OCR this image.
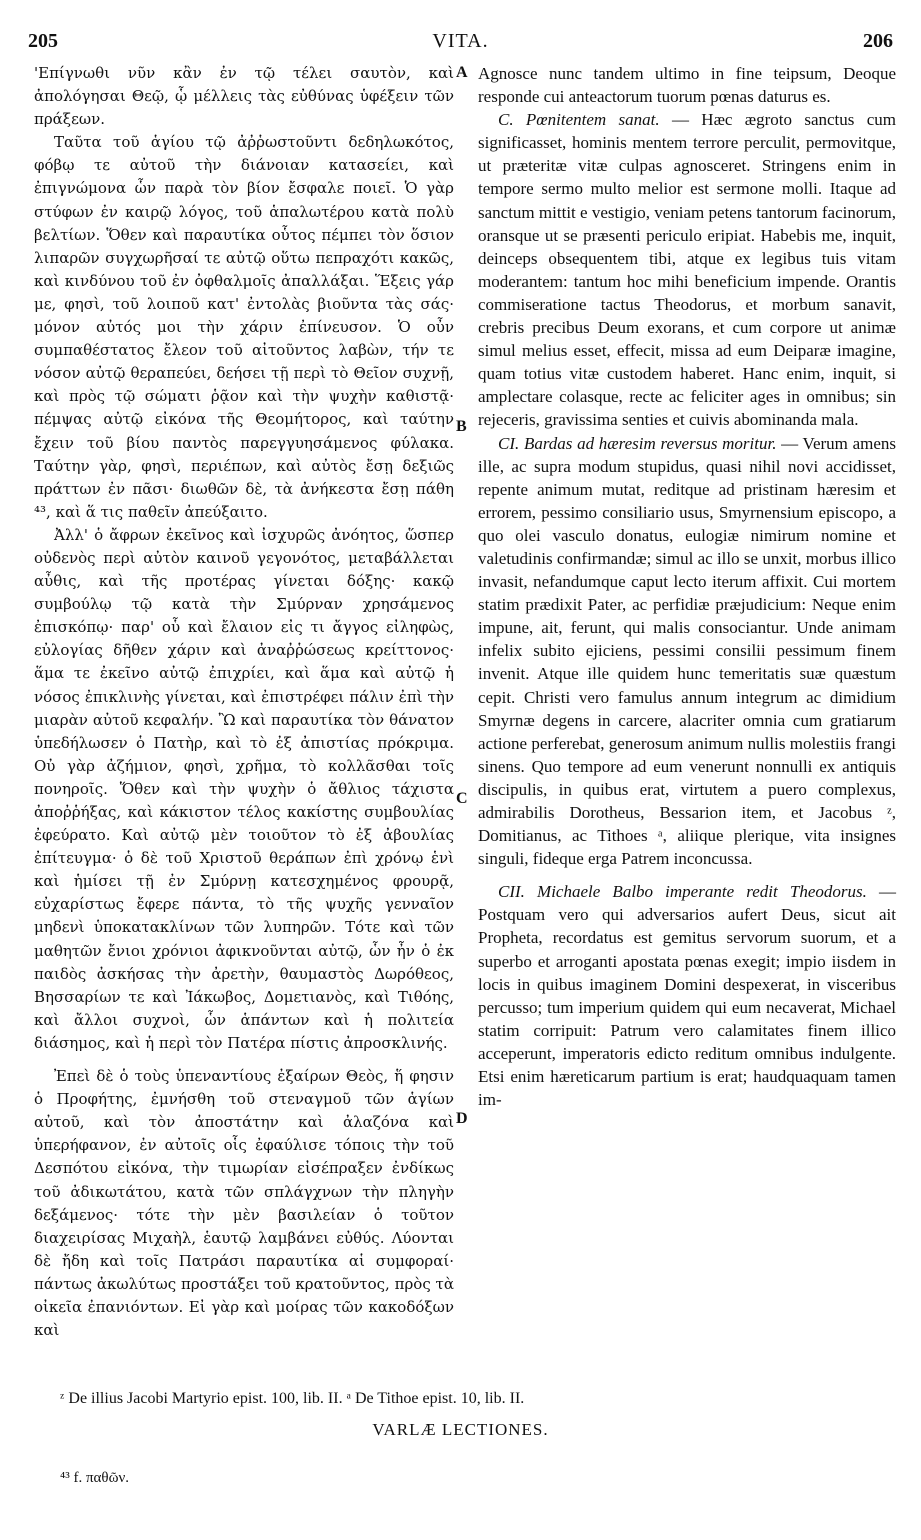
205	VITA.	206

'Επίγνωθι νῦν κἂν ἐν τῷ τέλει σαυτὸν, καὶ ἀπολόγησαι Θεῷ, ᾧ μέλλεις τὰς εὐθύνας ὑφέξειν τῶν πράξεων.

Ταῦτα τοῦ ἁγίου τῷ ἀῤῥωστοῦντι δεδηλωκότος, φόβῳ τε αὐτοῦ τὴν διάνοιαν κατασείει, καὶ ἐπιγνώμονα ὧν παρὰ τὸν βίον ἔσφαλε ποιεῖ. Ὁ γὰρ στύφων ἐν καιρῷ λόγος, τοῦ ἁπαλωτέρου κατὰ πολὺ βελτίων. Ὅθεν καὶ παραυτίκα οὗτος πέμπει τὸν ὅσιον λιπαρῶν συγχωρῆσαί τε αὐτῷ οὕτω πεπραχότι κακῶς, καὶ κινδύνου τοῦ ἐν ὀφθαλμοῖς ἀπαλλάξαι. Ἕξεις γάρ με, φησὶ, τοῦ λοιποῦ κατ' ἐντολὰς βιοῦντα τὰς σάς· μόνον αὐτός μοι τὴν χάριν ἐπίνευσον. Ὁ οὖν συμπαθέστατος ἔλεον τοῦ αἰτοῦντος λαβὼν, τήν τε νόσον αὐτῷ θεραπεύει, δεήσει τῇ περὶ τὸ Θεῖον συχνῇ, καὶ πρὸς τῷ σώματι ῥᾷον καὶ τὴν ψυχὴν καθιστᾷ· πέμψας αὐτῷ εἰκόνα τῆς Θεομήτορος, καὶ ταύτην ἔχειν τοῦ βίου παντὸς παρεγγυησάμενος φύλακα. Ταύτην γὰρ, φησὶ, περιέπων, καὶ αὐτὸς ἔσῃ δεξιῶς πράττων ἐν πᾶσι· διωθῶν δὲ, τὰ ἀνήκεστα ἔσῃ πάθη ⁴³, καὶ ἅ τις παθεῖν ἀπεύξαιτο.

Ἀλλ' ὁ ἄφρων ἐκεῖνος καὶ ἰσχυρῶς ἀνόητος, ὥσπερ οὐδενὸς περὶ αὐτὸν καινοῦ γεγονότος, μεταβάλλεται αὖθις, καὶ τῆς προτέρας γίνεται δόξης· κακῷ συμβούλῳ τῷ κατὰ τὴν Σμύρναν χρησάμενος ἐπισκόπῳ· παρ' οὗ καὶ ἔλαιον εἰς τι ἄγγος εἰληφὼς, εὐλογίας δῆθεν χάριν καὶ ἀναῤῥώσεως κρείττονος· ἅμα τε ἐκεῖνο αὐτῷ ἐπιχρίει, καὶ ἅμα καὶ αὐτῷ ἡ νόσος ἐπικλινὴς γίνεται, καὶ ἐπιστρέφει πάλιν ἐπὶ τὴν μιαρὰν αὐτοῦ κεφαλήν. Ὢ καὶ παραυτίκα τὸν θάνατον ὑπεδήλωσεν ὁ Πατὴρ, καὶ τὸ ἐξ ἀπιστίας πρόκριμα. Οὐ γὰρ ἀζήμιον, φησὶ, χρῆμα, τὸ κολλᾶσθαι τοῖς πονηροῖς. Ὅθεν καὶ τὴν ψυχὴν ὁ ἄθλιος τάχιστα ἀποῤῥήξας, καὶ κάκιστον τέλος κακίστης συμβουλίας ἐφεύρατο. Καὶ αὐτῷ μὲν τοιοῦτον τὸ ἐξ ἀβουλίας ἐπίτευγμα· ὁ δὲ τοῦ Χριστοῦ θεράπων ἐπὶ χρόνῳ ἑνὶ καὶ ἡμίσει τῇ ἐν Σμύρνῃ κατεσχημένος φρουρᾷ, εὐχαρίστως ἔφερε πάντα, τὸ τῆς ψυχῆς γενναῖον μηδενὶ ὑποκατακλίνων τῶν λυπηρῶν. Τότε καὶ τῶν μαθητῶν ἔνιοι χρόνιοι ἀφικνοῦνται αὐτῷ, ὧν ἦν ὁ ἐκ παιδὸς ἀσκήσας τὴν ἀρετὴν, θαυμαστὸς Δωρόθεος, Βησσαρίων τε καὶ Ἰάκωβος, Δομετιανὸς, καὶ Τιθόης, καὶ ἄλλοι συχνοὶ, ὧν ἁπάντων καὶ ἡ πολιτεία διάσημος, καὶ ἡ περὶ τὸν Πατέρα πίστις ἀπροσκλινής.

Ἐπεὶ δὲ ὁ τοὺς ὑπεναντίους ἐξαίρων Θεὸς, ἥ φησιν ὁ Προφήτης, ἐμνήσθη τοῦ στεναγμοῦ τῶν ἁγίων αὐτοῦ, καὶ τὸν ἀποστάτην καὶ ἀλαζόνα καὶ ὑπερήφανον, ἐν αὐτοῖς οἷς ἐφαύλισε τόποις τὴν τοῦ Δεσπότου εἰκόνα, τὴν τιμωρίαν εἰσέπραξεν ἐνδίκως τοῦ ἀδικωτάτου, κατὰ τῶν σπλάγχνων τὴν πληγὴν δεξάμενος· τότε τὴν μὲν βασιλείαν ὁ τοῦτον διαχειρίσας Μιχαὴλ, ἑαυτῷ λαμβάνει εὐθύς. Λύονται δὲ ἤδη καὶ τοῖς Πατράσι παραυτίκα αἱ συμφοραί· πάντως ἀκωλύτως προστάξει τοῦ κρατοῦντος, πρὸς τὰ οἰκεῖα ἐπανιόντων. Εἰ γὰρ καὶ μοίρας τῶν κακοδόξων καὶ

A
B
C
D

Agnosce nunc tandem ultimo in fine teipsum, Deoque responde cui anteactorum tuorum pœnas daturus es.

C. Pœnitentem sanat. — Hæc ægroto sanctus cum significasset, hominis mentem terrore perculit, permovitque, ut præteritæ vitæ culpas agnosceret. Stringens enim in tempore sermo multo melior est sermone molli. Itaque ad sanctum mittit e vestigio, veniam petens tantorum facinorum, oransque ut se præsenti periculo eripiat. Habebis me, inquit, deinceps obsequentem tibi, atque ex legibus tuis vitam moderantem: tantum hoc mihi beneficium impende. Orantis commiseratione tactus Theodorus, et morbum sanavit, crebris precibus Deum exorans, et cum corpore ut animæ simul melius esset, effecit, missa ad eum Deiparæ imagine, quam totius vitæ custodem haberet. Hanc enim, inquit, si amplectare colasque, recte ac feliciter ages in omnibus; sin rejeceris, gravissima senties et cuivis abominanda mala.

CI. Bardas ad hæresim reversus moritur. — Verum amens ille, ac supra modum stupidus, quasi nihil novi accidisset, repente animum mutat, reditque ad pristinam hæresim et errorem, pessimo consiliario usus, Smyrnensium episcopo, a quo olei vasculo donatus, eulogiæ nimirum nomine et valetudinis confirmandæ; simul ac illo se unxit, morbus illico invasit, nefandumque caput lecto iterum affixit. Cui mortem statim prædixit Pater, ac perfidiæ præjudicium: Neque enim impune, ait, ferunt, qui malis consociantur. Unde animam infelix subito ejiciens, pessimi consilii pessimum finem invenit. Atque ille quidem hunc temeritatis suæ quæstum cepit. Christi vero famulus annum integrum ac dimidium Smyrnæ degens in carcere, alacriter omnia cum gratiarum actione perferebat, generosum animum nullis molestiis frangi sinens. Quo tempore ad eum venerunt nonnulli ex antiquis discipulis, in quibus erat, virtutem a puero complexus, admirabilis Dorotheus, Bessarion item, et Jacobus ᶻ, Domitianus, ac Tithoes ᵃ, aliique plerique, vita insignes singuli, fideque erga Patrem inconcussa.

CII. Michaele Balbo imperante redit Theodorus. — Postquam vero qui adversarios aufert Deus, sicut ait Propheta, recordatus est gemitus servorum suorum, et a superbo et arroganti apostata pœnas exegit; impio iisdem in locis in quibus imaginem Domini despexerat, in visceribus percusso; tum imperium quidem qui eum necaverat, Michael statim corripuit: Patrum vero calamitates finem illico acceperunt, imperatoris edicto reditum omnibus indulgente. Etsi enim hæreticarum partium is erat; haudquaquam tamen im-

ᶻ De illius Jacobi Martyrio epist. 100, lib. II. ᵃ De Tithoe epist. 10, lib. II.
VARLÆ LECTIONES.
⁴³ f. παθῶν.
